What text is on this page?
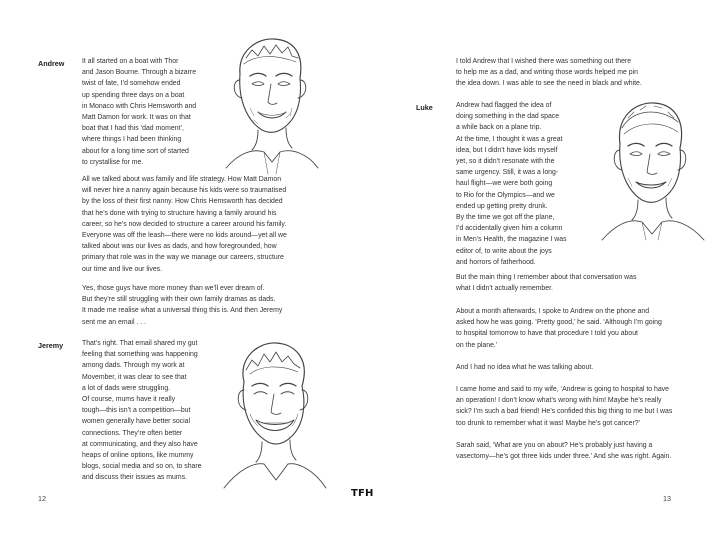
Andrew	It all started on a boat with Thor
and Jason Bourne. Through a bizarre
twist of fate, I’d somehow ended
up spending three days on a boat
in Monaco with Chris Hemsworth and
Matt Damon for work. It was on that
boat that I had this ‘dad moment’,
where things I had been thinking
about for a long time sort of started
to crystallise for me.
All we talked about was family and life strategy. How Matt Damon
will never hire a nanny again because his kids were so traumatised
by the loss of their first nanny. How Chris Hemsworth has decided
that he’s done with trying to structure having a family around his
career, so he’s now decided to structure a career around his family.
Everyone was off the leash—there were no kids around—yet all we
talked about was our lives as dads, and how foregrounded, how
primary that role was in the way we manage our careers, structure
our time and live our lives.
Yes, those guys have more money than we’ll ever dream of.
But they’re still struggling with their own family dramas as dads.
It made me realise what a universal thing this is. And then Jeremy
sent me an email . . .
Jeremy	That’s right. That email shared my gut
feeling that something was happening
among dads. Through my work at
Movember, it was clear to see that
a lot of dads were struggling.
Of course, mums have it really
tough—this isn’t a competition—but
women generally have better social
connections. They’re often better
at communicating, and they also have
heaps of online options, like mummy
blogs, social media and so on, to share
and discuss their issues as mums.
12
I told Andrew that I wished there was something out there
to help me as a dad, and writing those words helped me pin
the idea down. I was able to see the need in black and white.
Luke	Andrew had flagged the idea of
doing something in the dad space
a while back on a plane trip.
At the time, I thought it was a great
idea, but I didn’t have kids myself
yet, so it didn’t resonate with the
same urgency. Still, it was a long-
haul flight—we were both going
to Rio for the Olympics—and we
ended up getting pretty drunk.
By the time we got off the plane,
I’d accidentally given him a column
in Men’s Health, the magazine I was
editor of, to write about the joys
and horrors of fatherhood.
But the main thing I remember about that conversation was
what I didn’t actually remember.
About a month afterwards, I spoke to Andrew on the phone and
asked how he was going. ‘Pretty good,’ he said. ‘Although I’m going
to hospital tomorrow to have that procedure I told you about
on the plane.’
And I had no idea what he was talking about.
I came home and said to my wife, ‘Andrew is going to hospital to have
an operation! I don’t know what’s wrong with him! Maybe he’s really
sick? I’m such a bad friend! He’s confided this big thing to me but I was
too drunk to remember what it was! Maybe he’s got cancer?’
Sarah said, ‘What are you on about? He’s probably just having a
vasectomy—he’s got three kids under three.’ And she was right. Again.
13
TFH
